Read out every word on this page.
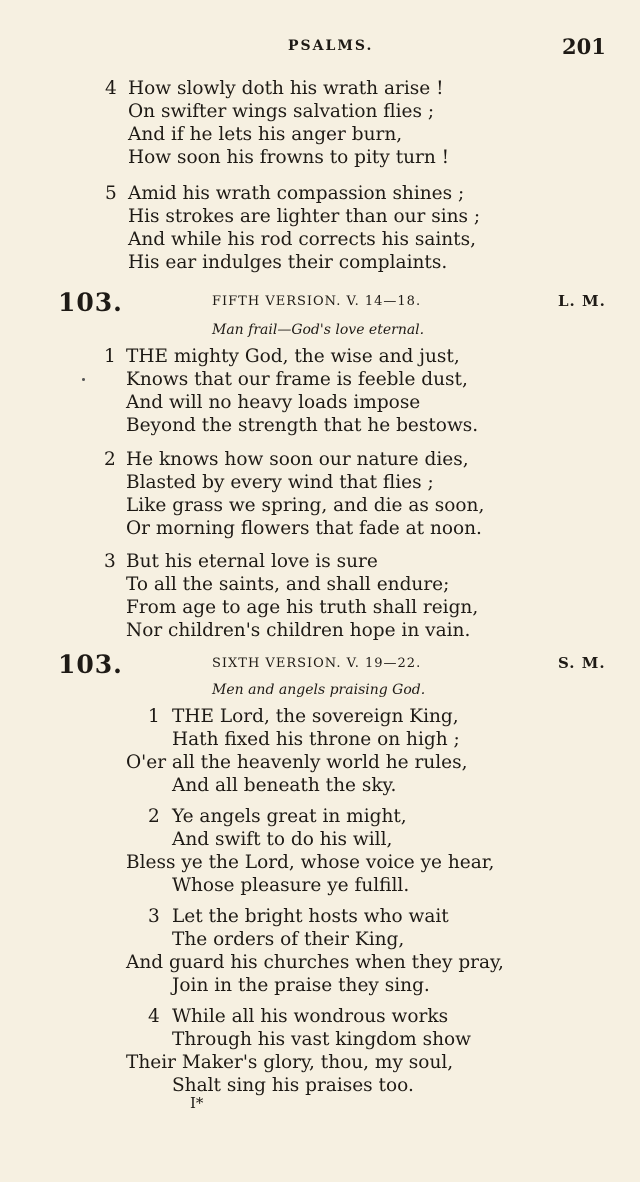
PSALMS.	201
4 How slowly doth his wrath arise !
On swifter wings salvation flies ;
And if he lets his anger burn,
How soon his frowns to pity turn !
5 Amid his wrath compassion shines ;
His strokes are lighter than our sins ;
And while his rod corrects his saints,
His ear indulges their complaints.
103.	FIFTH VERSION. V. 14—18.	L. M.
Man frail—God's love eternal.
1 THE mighty God, the wise and just,
Knows that our frame is feeble dust,
And will no heavy loads impose
Beyond the strength that he bestows.
2 He knows how soon our nature dies,
Blasted by every wind that flies ;
Like grass we spring, and die as soon,
Or morning flowers that fade at noon.
3 But his eternal love is sure
To all the saints, and shall endure;
From age to age his truth shall reign,
Nor children's children hope in vain.
103.	SIXTH VERSION. V. 19—22.	S. M.
Men and angels praising God.
1 THE Lord, the sovereign King,
Hath fixed his throne on high ;
O'er all the heavenly world he rules,
And all beneath the sky.
2 Ye angels great in might,
And swift to do his will,
Bless ye the Lord, whose voice ye hear,
Whose pleasure ye fulfill.
3 Let the bright hosts who wait
The orders of their King,
And guard his churches when they pray,
Join in the praise they sing.
4 While all his wondrous works
Through his vast kingdom show
Their Maker's glory, thou, my soul,
Shalt sing his praises too.
I*
